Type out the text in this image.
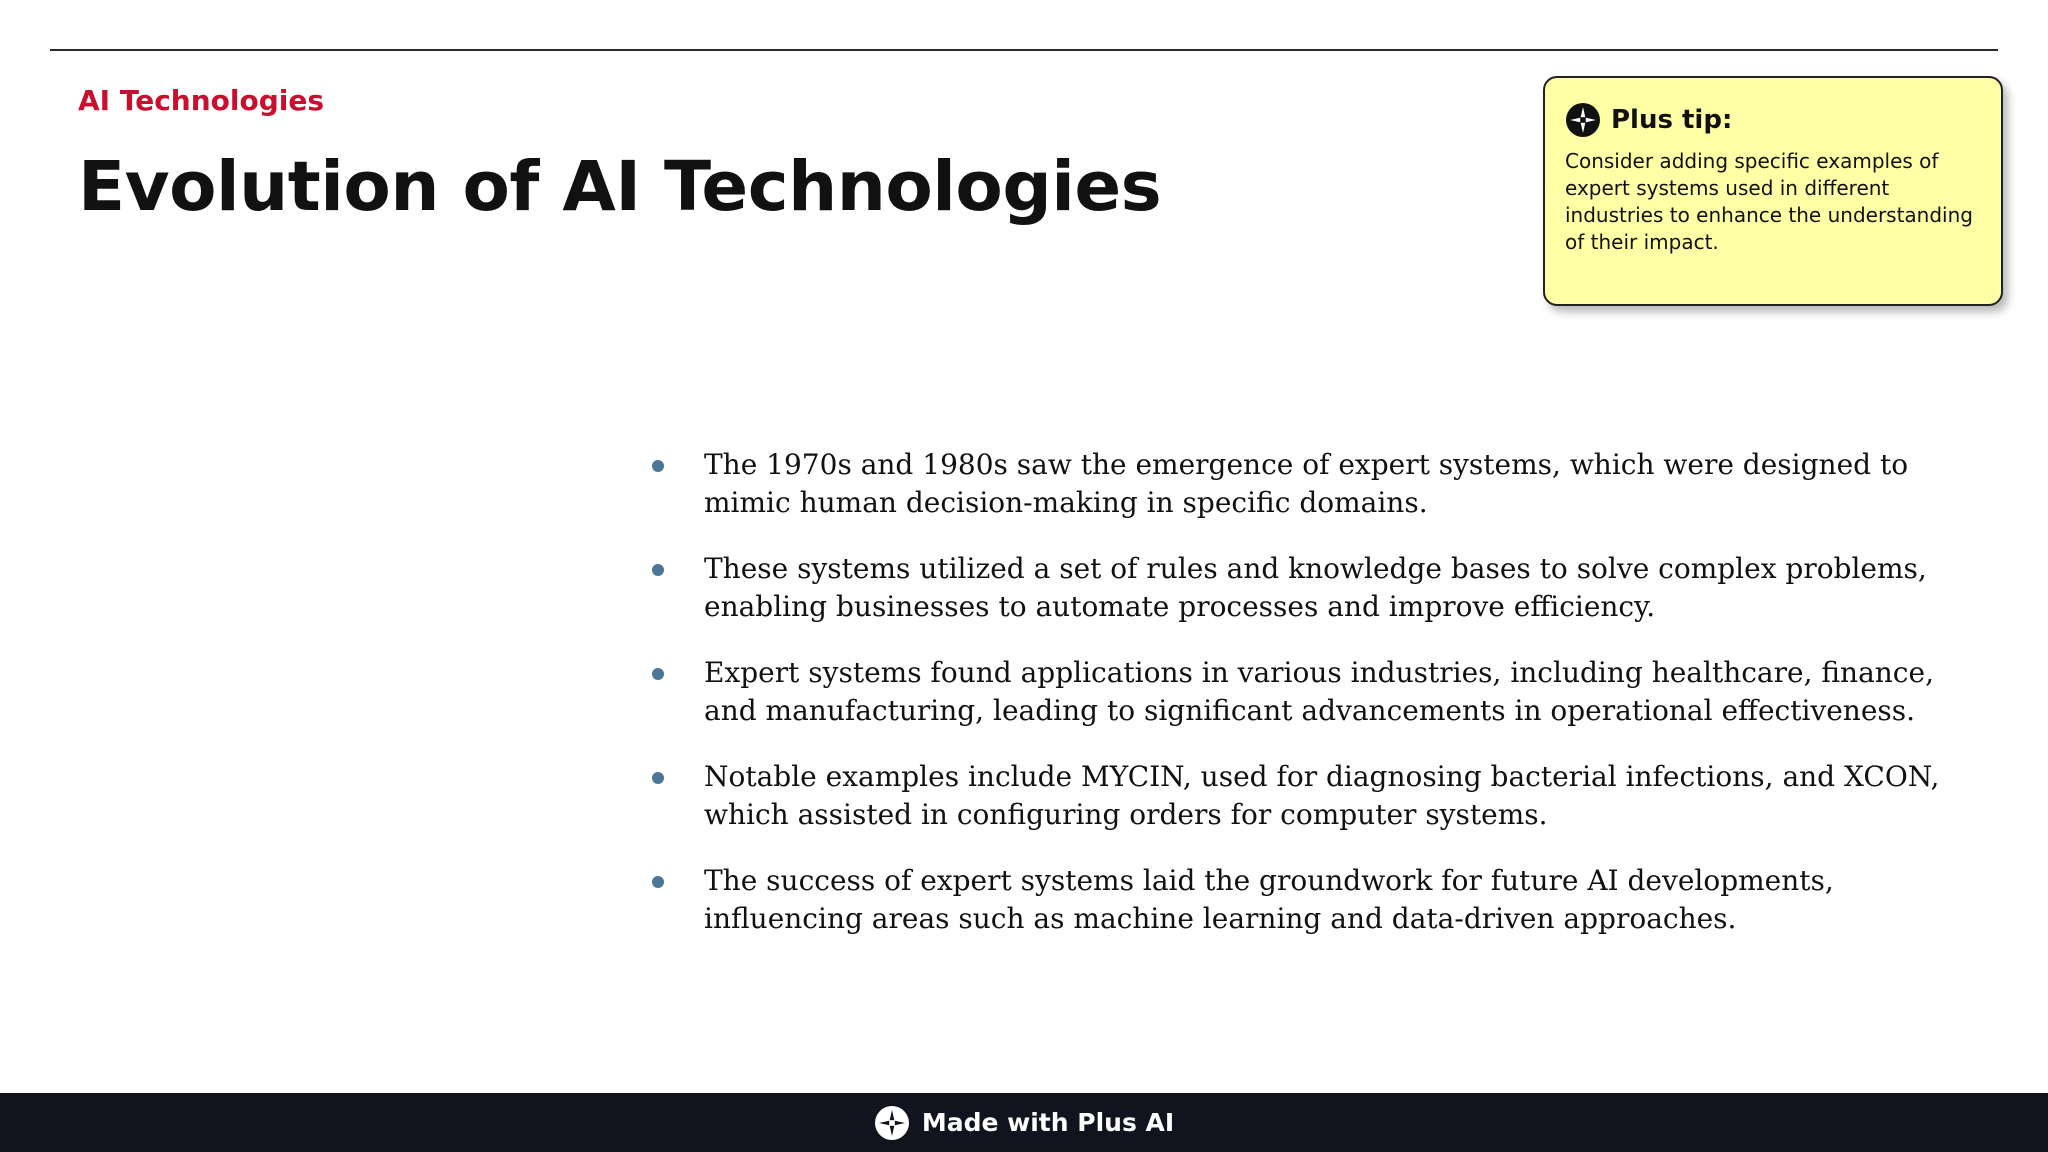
AI Technologies
Evolution of AI Technologies
Plus tip:
Consider adding specific examples of expert systems used in different industries to enhance the understanding of their impact.
The 1970s and 1980s saw the emergence of expert systems, which were designed to mimic human decision-making in specific domains.
These systems utilized a set of rules and knowledge bases to solve complex problems, enabling businesses to automate processes and improve efficiency.
Expert systems found applications in various industries, including healthcare, finance, and manufacturing, leading to significant advancements in operational effectiveness.
Notable examples include MYCIN, used for diagnosing bacterial infections, and XCON, which assisted in configuring orders for computer systems.
The success of expert systems laid the groundwork for future AI developments, influencing areas such as machine learning and data-driven approaches.
Made with Plus AI
